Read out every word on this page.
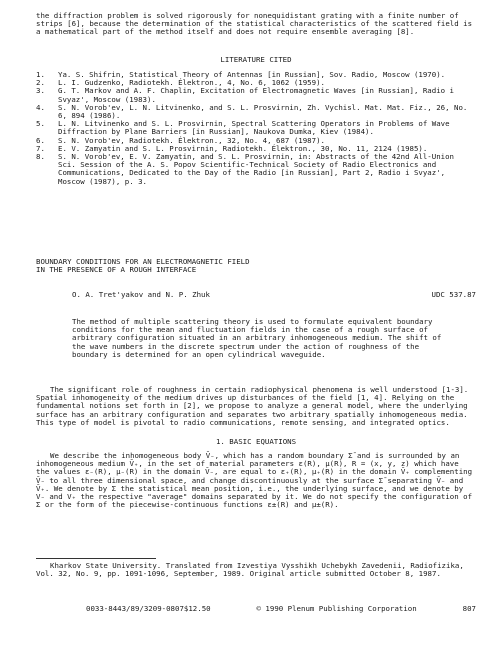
the diffraction problem is solved rigorously for nonequidistant grating with a finite number of strips [6], because the determination of the statistical characteristics of the scattered field is a mathematical part of the method itself and does not require ensemble averaging [8].

LITERATURE CITED
1.	Ya. S. Shifrin, Statistical Theory of Antennas [in Russian], Sov. Radio, Moscow (1970).
2.	L. I. Gudzenko, Radiotekh. Élektron., 4, No. 6, 1062 (1959).
3.	G. T. Markov and A. F. Chaplin, Excitation of Electromagnetic Waves [in Russian], Radio i Svyaz', Moscow (1983).
4.	S. N. Vorob'ev, L. N. Litvinenko, and S. L. Prosvirnin, Zh. Vychisl. Mat. Mat. Fiz., 26, No. 6, 894 (1986).
5.	L. N. Litvinenko and S. L. Prosvirnin, Spectral Scattering Operators in Problems of Wave Diffraction by Plane Barriers [in Russian], Naukova Dumka, Kiev (1984).
6.	S. N. Vorob'ev, Radiotekh. Élektron., 32, No. 4, 687 (1987).
7.	E. V. Zamyatin and S. L. Prosvirnin, Radiotekh. Élektron., 30, No. 11, 2124 (1985).
8.	S. N. Vorob'ev, E. V. Zamyatin, and S. L. Prosvirnin, in: Abstracts of the 42nd All-Union Sci. Session of the A. S. Popov Scientific-Technical Society of Radio Electronics and Communications, Dedicated to the Day of the Radio [in Russian], Part 2, Radio i Svyaz', Moscow (1987), p. 3.
BOUNDARY CONDITIONS FOR AN ELECTROMAGNETIC FIELD
IN THE PRESENCE OF A ROUGH INTERFACE
O. A. Tret'yakov and N. P. Zhuk	UDC 537.87

The method of multiple scattering theory is used to formulate equivalent boundary conditions for the mean and fluctuation fields in the case of a rough surface of arbitrary configuration situated in an arbitrary inhomogeneous medium. The shift of the wave numbers in the discrete spectrum under the action of roughness of the boundary is determined for an open cylindrical waveguide.

The significant role of roughness in certain radiophysical phenomena is well understood [1-3]. Spatial inhomogeneity of the medium drives up disturbances of the field [1, 4]. Relying on the fundamental notions set forth in [2], we propose to analyze a general model, where the underlying surface has an arbitrary configuration and separates two arbitrary spatially inhomogeneous media. This type of model is pivotal to radio communications, remote sensing, and integrated optics.

1. BASIC EQUATIONS

We describe the inhomogeneous body V̄₋, which has a random boundary Σ̄ and is surrounded by an inhomogeneous medium V̄₊, in the set of material parameters ε(R), μ(R), R = (x, y, z) which have the values ε₋(R), μ₋(R) in the domain V̄₋, are equal to ε₊(R), μ₊(R) in the domain V̄₊ complementing V̄₋ to all three dimensional space, and change discontinuously at the surface Σ̄ separating V̄₋ and V̄₊. We denote by Σ the statistical mean position, i.e., the underlying surface, and we denote by V₋ and V₊ the respective "average" domains separated by it. We do not specify the configuration of Σ or the form of the piecewise-continuous functions ε±(R) and μ±(R).

Kharkov State University. Translated from Izvestiya Vysshikh Uchebykh Zavedenii, Radiofizika, Vol. 32, No. 9, pp. 1091-1096, September, 1989. Original article submitted October 8, 1987.

0033-8443/89/3209-0807$12.50	© 1990 Plenum Publishing Corporation	807
